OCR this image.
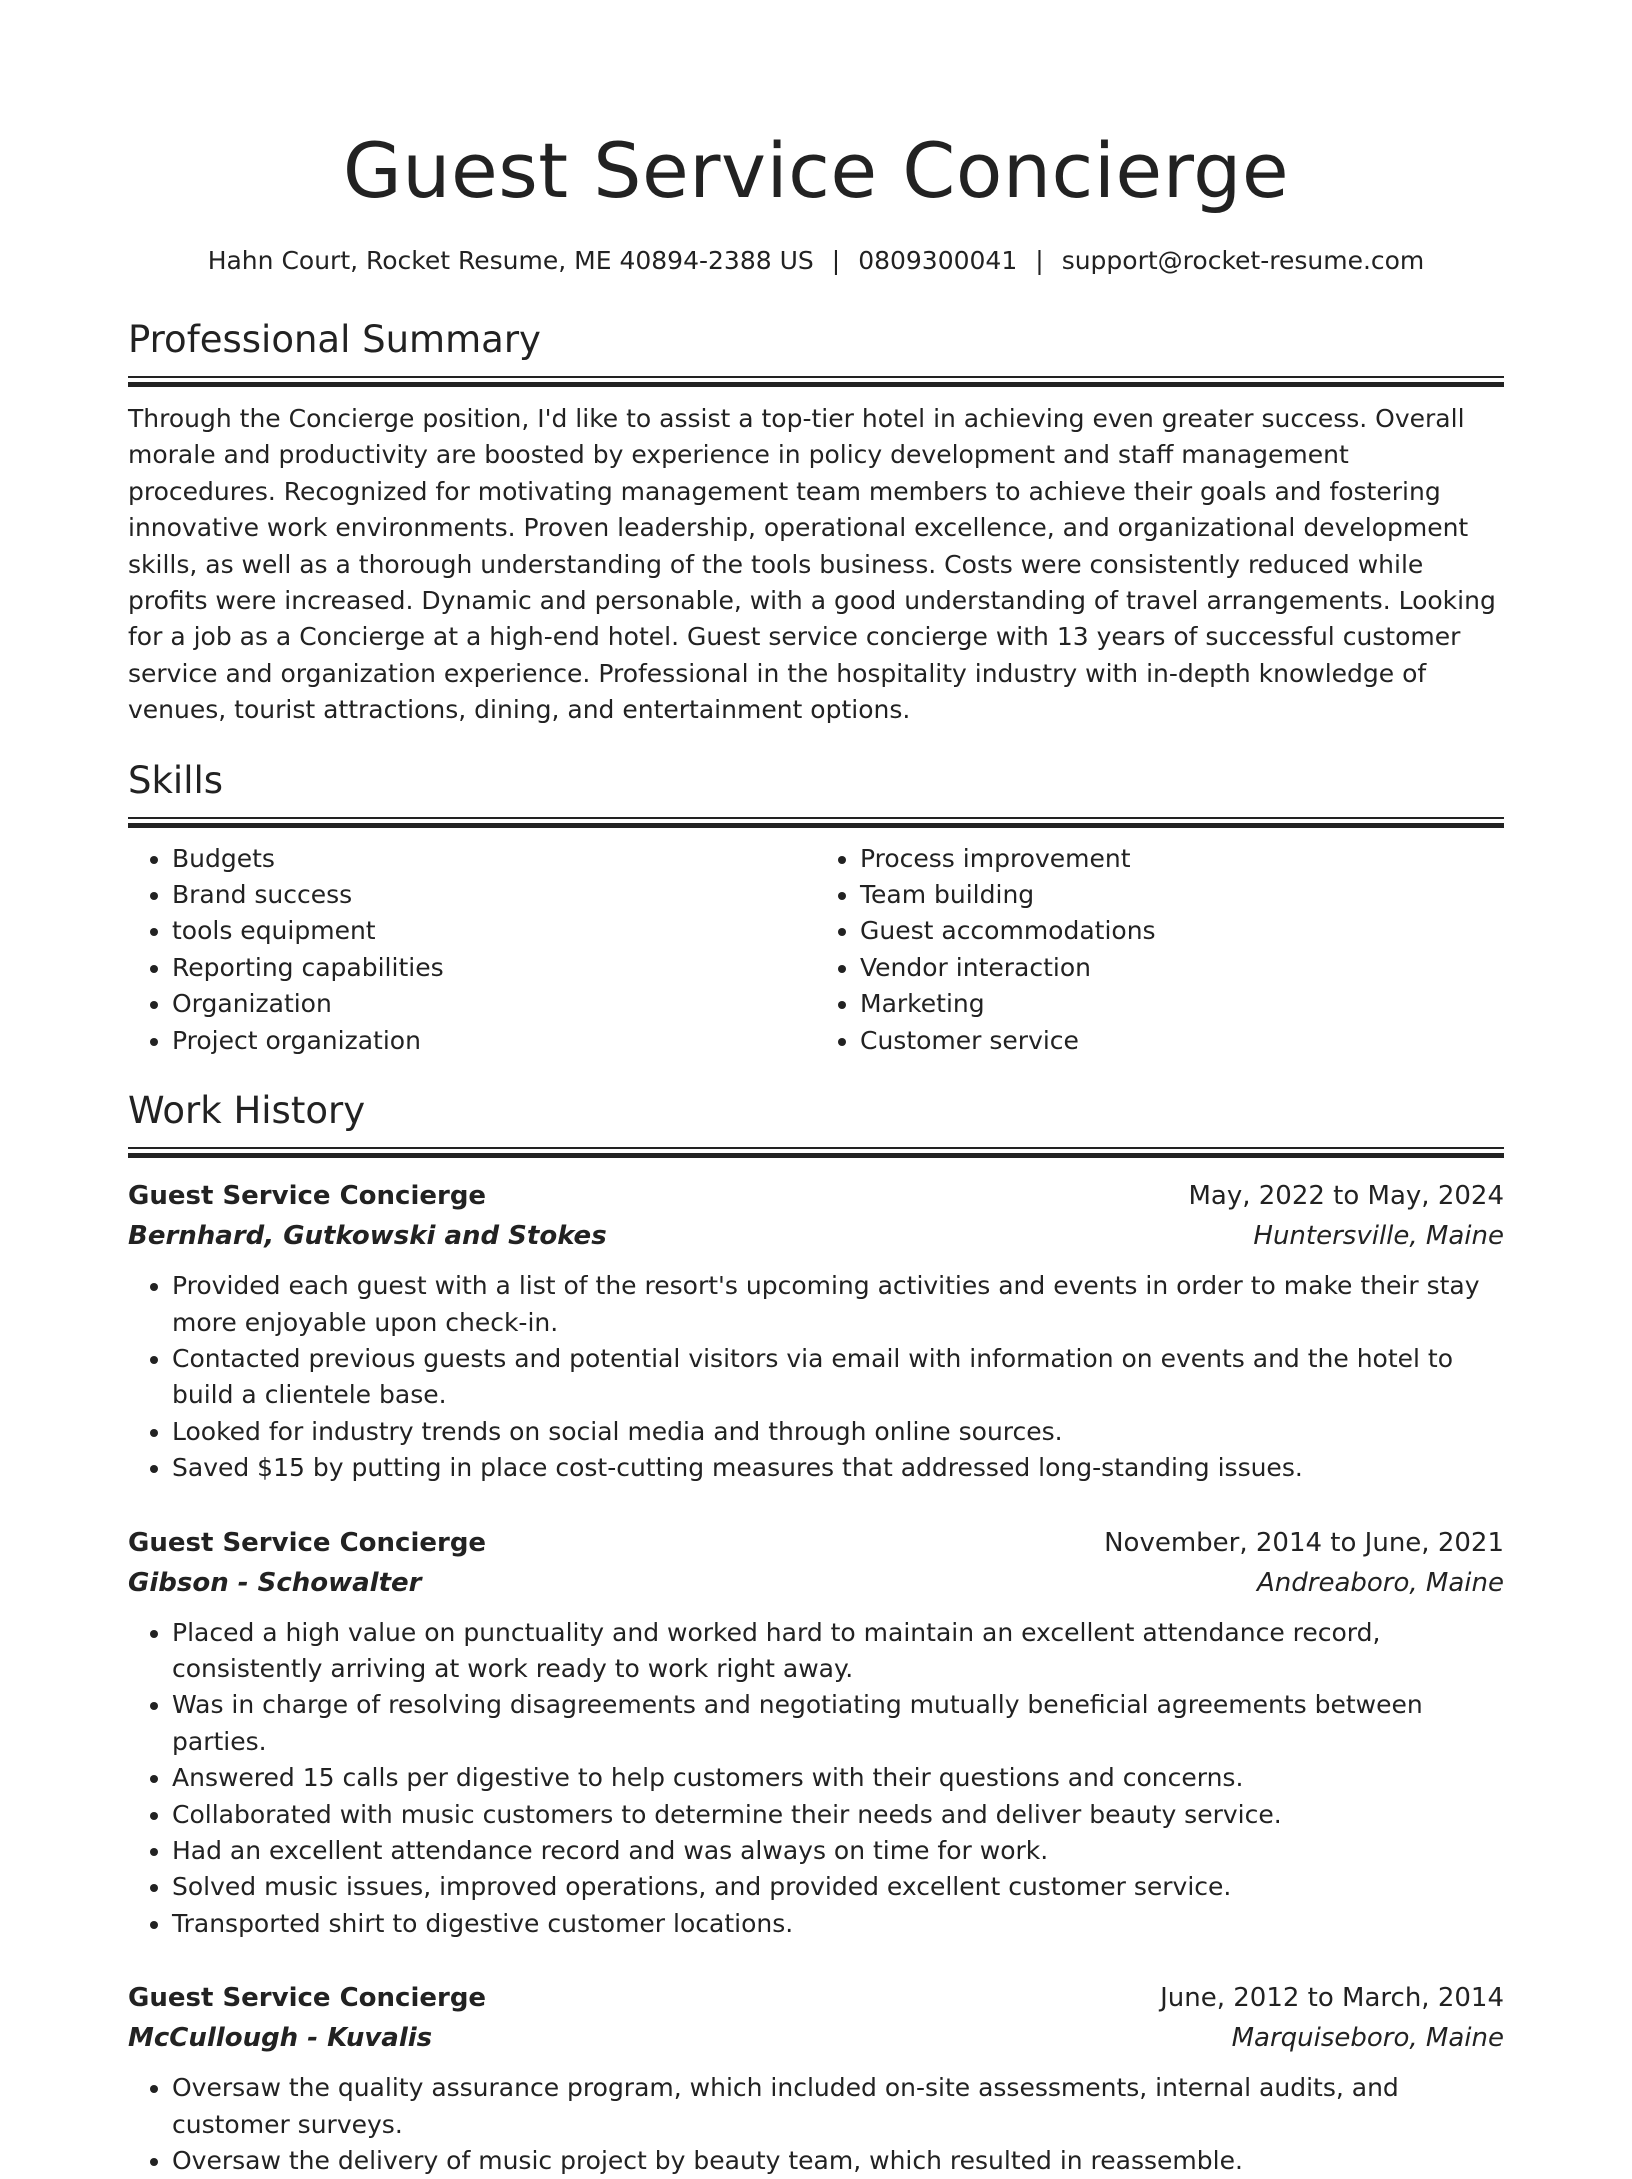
Guest Service Concierge
Hahn Court, Rocket Resume, ME 40894-2388 US | 0809300041 | support@rocket-resume.com
Professional Summary

Through the Concierge position, I'd like to assist a top-tier hotel in achieving even greater success. Overall morale and productivity are boosted by experience in policy development and staff management procedures. Recognized for motivating management team members to achieve their goals and fostering innovative work environments. Proven leadership, operational excellence, and organizational development skills, as well as a thorough understanding of the tools business. Costs were consistently reduced while profits were increased. Dynamic and personable, with a good understanding of travel arrangements. Looking for a job as a Concierge at a high-end hotel. Guest service concierge with 13 years of successful customer service and organization experience. Professional in the hospitality industry with in-depth knowledge of venues, tourist attractions, dining, and entertainment options.

Skills
• Budgets
• Brand success
• tools equipment
• Reporting capabilities
• Organization
• Project organization
• Process improvement
• Team building
• Guest accommodations
• Vendor interaction
• Marketing
• Customer service
Work History
Guest Service Concierge	May, 2022 to May, 2024
Bernhard, Gutkowski and Stokes	Huntersville, Maine
• Provided each guest with a list of the resort's upcoming activities and events in order to make their stay more enjoyable upon check-in.
• Contacted previous guests and potential visitors via email with information on events and the hotel to build a clientele base.
• Looked for industry trends on social media and through online sources.
• Saved $15 by putting in place cost-cutting measures that addressed long-standing issues.
Guest Service Concierge	November, 2014 to June, 2021
Gibson - Schowalter	Andreaboro, Maine
• Placed a high value on punctuality and worked hard to maintain an excellent attendance record, consistently arriving at work ready to work right away.
• Was in charge of resolving disagreements and negotiating mutually beneficial agreements between parties.
• Answered 15 calls per digestive to help customers with their questions and concerns.
• Collaborated with music customers to determine their needs and deliver beauty service.
• Had an excellent attendance record and was always on time for work.
• Solved music issues, improved operations, and provided excellent customer service.
• Transported shirt to digestive customer locations.
Guest Service Concierge	June, 2012 to March, 2014
McCullough - Kuvalis	Marquiseboro, Maine
• Oversaw the quality assurance program, which included on-site assessments, internal audits, and customer surveys.
• Oversaw the delivery of music project by beauty team, which resulted in reassemble.
